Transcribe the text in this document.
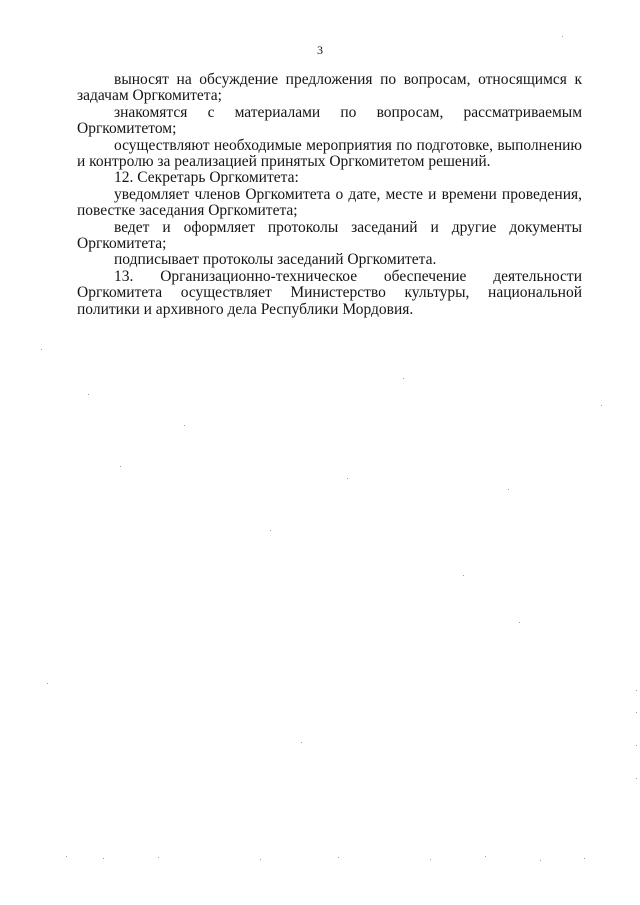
3

выносят на обсуждение предложения по вопросам, относящимся к задачам Оргкомитета;

знакомятся с материалами по вопросам, рассматриваемым Оргкомитетом;

осуществляют необходимые мероприятия по подготовке, выполнению и контролю за реализацией принятых Оргкомитетом решений.

12. Секретарь Оргкомитета:

уведомляет членов Оргкомитета о дате, месте и времени проведения, повестке заседания Оргкомитета;

ведет и оформляет протоколы заседаний и другие документы Оргкомитета;

подписывает протоколы заседаний Оргкомитета.

13. Организационно-техническое обеспечение деятельности Оргкомитета осуществляет Министерство культуры, национальной политики и архивного дела Республики Мордовия.
